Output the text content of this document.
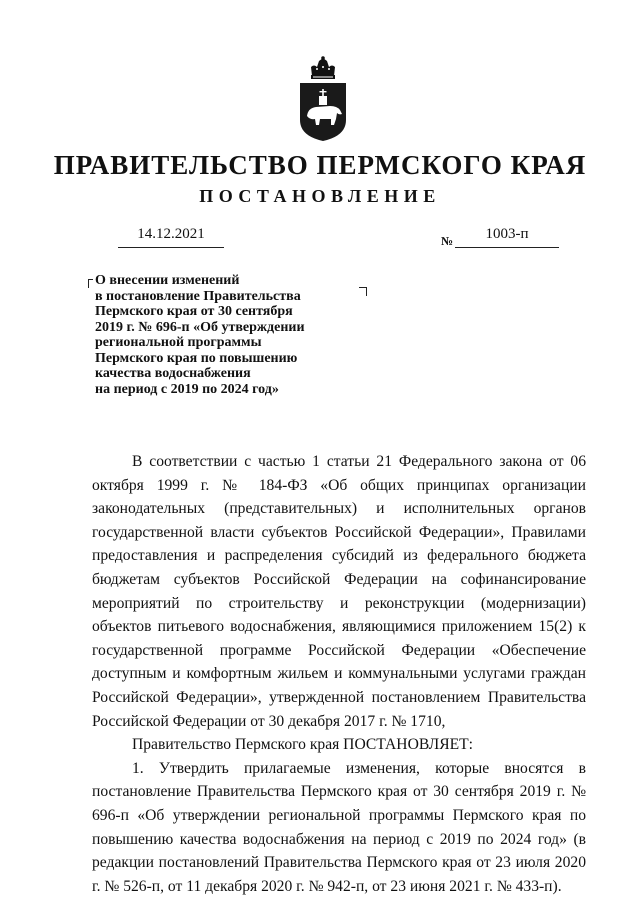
ПРАВИТЕЛЬСТВО ПЕРМСКОГО КРАЯ
ПОСТАНОВЛЕНИЕ
14.12.2021	№	1003-п
О внесении изменений
в постановление Правительства
Пермского края от 30 сентября
2019 г. № 696-п «Об утверждении
региональной программы
Пермского края по повышению
качества водоснабжения
на период с 2019 по 2024 год»

В соответствии с частью 1 статьи 21 Федерального закона от 06 октября 1999 г. № 184-ФЗ «Об общих принципах организации законодательных (представительных) и исполнительных органов государственной власти субъектов Российской Федерации», Правилами предоставления и распределения субсидий из федерального бюджета бюджетам субъектов Российской Федерации на софинансирование мероприятий по строительству и реконструкции (модернизации) объектов питьевого водоснабжения, являющимися приложением 15(2) к государственной программе Российской Федерации «Обеспечение доступным и комфортным жильем и коммунальными услугами граждан Российской Федерации», утвержденной постановлением Правительства Российской Федерации от 30 декабря 2017 г. № 1710,

Правительство Пермского края ПОСТАНОВЛЯЕТ:

1. Утвердить прилагаемые изменения, которые вносятся в постановление Правительства Пермского края от 30 сентября 2019 г. № 696-п «Об утверждении региональной программы Пермского края по повышению качества водоснабжения на период с 2019 по 2024 год» (в редакции постановлений Правительства Пермского края от 23 июля 2020 г. № 526-п, от 11 декабря 2020 г. № 942-п, от 23 июня 2021 г. № 433-п).
